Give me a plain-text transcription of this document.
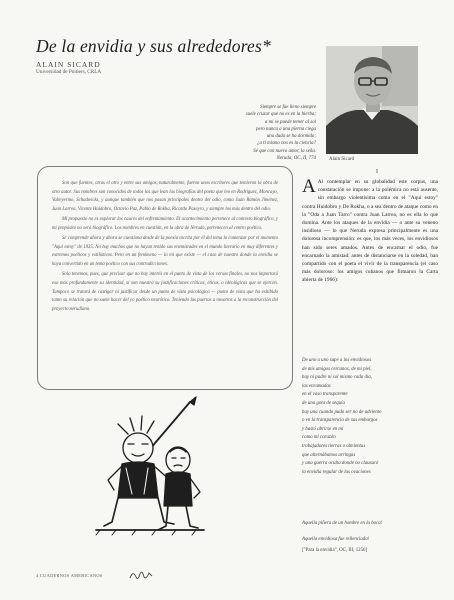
De la envidia y sus alrededores*
ALAIN SICARD
Universidad de Poitiers, CRLA
Siempre se fue lleno siempre
suele cruzar que no es en la hierba;
a mi se puede temer al sol
pero nunca a una pierna ciega
una duda se ha dormido;
¿a ti mismo nos es la ciencia?
Sé que con nuevo amor, la seña.
Neruda, OC, II, 774	Alain Sicard
I

Son que fuentes, otras el otro y entre sus amigos, naturalmente, fueron unos escritores que temieron la obra de otro autor. Sus nombres son conocidos de todos los que lean las biografías del poeta que leo en Rodríguez, Moncayo, Valleyermo, Schadwicks, y aunque también que nos pasan principales dentro del odio, como Juan Ramón Jiménez, Juan Larrea, Vicente Huidobro, Octavio Paz, Pablo de Rokha, Ricardo Paseyro, y siempre los más dentro del odio.

Mi propuesto no es explorar los cauces del enfrentamiento. El acontecimiento pertenece al contexto biográfico, y mi propósito no será biográfico. Los nombres en cuestión, en la obra de Neruda, pertenecen al centro poético.

Se comprende ahora y ahora se cuestiona desde de la poesía escrita por él del tema lo comenzar por el momento "Aquí estoy" de 1935. No hay muchos que no hayan tenido sus enemistades en el mundo literario en muy diferentes y extremos poéticos y estilísticos. Pero en un fenómeno — lo mi que existe — el caso de nuestro donde la envidia se haya convertido en un tema poético con sus contradicciones.

Solo tenemos, pues, que precisar que no hay interés en el punto de vista de los versos finales, no nos importará eso más profundamente su identidad, si son nuestra su justificaciones críticas, éticas, o ideológicas que se ejercen. Tampoco se tratará de castigar ni justificar desde un punto de vista psicológico — punto de vista que ha exhibido tanto su relación que no suele hacer del yo poético neurótico. Teniendo las puertas a nosotros a la reconstrucción del proyecto nerudiano.

A Al contemplar en su globalidad este corpus, una constatación se impone: a la polémica no está ausente, sin embargo violentísima como en el "Aquí estoy" contra Huidobro y De Rokha, o a sea dentro de ataque como en la "Oda a Juan Tarro" contra Juan Larrea, no es ella lo que domina. Ante los ataques de la envidia — o ante su veneno insidioso — lo que Neruda expresa principalmente es una dolorosa incomprensión: es que, los más veces, los envidiosos han sido seres amados. Antes de encarnar el odio, fue encarnado la amistad: antes de distanciarse en la soledad, han compartido con el poeta el vivir de la transparencia (el caso más doloroso: los amigos cubanos que firmaron la Carta abierta de 1966):

De uno a uno supe a los envidiosos
de mis amigos cercanos, de mi piel,
hay ni padre ni sol mismo cada día,
las enramadas
en el vaso transparente
de una gota de sequía
hay una cuando pudo ser no de adviento
o en la transparencia de sus embargos
y bastó abrirse en mí
como mi corazón
trabajadores tierras o almientas
que alternábamos arringas
y una guerra oculta donde no clausuró
la envidia regular de las ovaciones
Aquella piñera de un hombre en la boca!
Aquella envidiosa fue rellenciada!
["Para la envidia", OC, III, 1256]
4 CUADERNOS AMERICANOS
